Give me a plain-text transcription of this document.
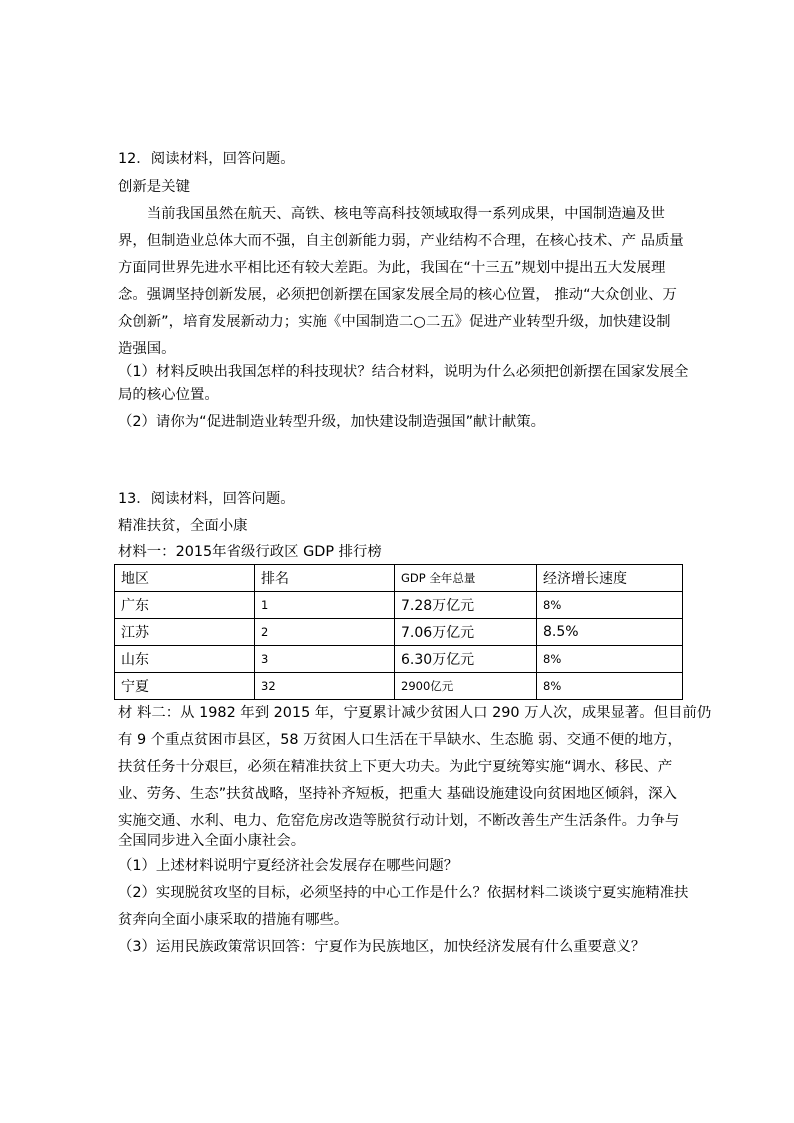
12．阅读材料，回答问题。
创新是关键
　　当前我国虽然在航天、高铁、核电等高科技领域取得一系列成果，中国制造遍及世
界，但制造业总体大而不强，自主创新能力弱，产业结构不合理，在核心技术、产 品质量
方面同世界先进水平相比还有较大差距。为此，我国在“十三五”规划中提出五大发展理
念。强调坚持创新发展，必须把创新摆在国家发展全局的核心位置， 推动“大众创业、万
众创新”，培育发展新动力；实施《中国制造二○二五》促进产业转型升级，加快建设制
造强国。
（1）材料反映出我国怎样的科技现状？结合材料，说明为什么必须把创新摆在国家发展全
局的核心位置。
（2）请你为“促进制造业转型升级，加快建设制造强国”献计献策。
13．阅读材料，回答问题。
精准扶贫，全面小康
材料一：2015年省级行政区 GDP 排行榜
地区	排名	GDP 全年总量	经济增长速度
广东	1	7.28万亿元	8%
江苏	2	7.06万亿元	8.5%
山东	3	6.30万亿元	8%
宁夏	32	2900亿元	8%
材 料二：从 1982 年到 2015 年，宁夏累计减少贫困人口 290 万人次，成果显著。但目前仍
有 9 个重点贫困市县区，58 万贫困人口生活在干旱缺水、生态脆 弱、交通不便的地方，
扶贫任务十分艰巨，必须在精准扶贫上下更大功夫。为此宁夏统筹实施“调水、移民、产
业、劳务、生态”扶贫战略，坚持补齐短板，把重大 基础设施建设向贫困地区倾斜，深入
实施交通、水利、电力、危窑危房改造等脱贫行动计划，不断改善生产生活条件。力争与
全国同步进入全面小康社会。
（1）上述材料说明宁夏经济社会发展存在哪些问题？
（2）实现脱贫攻坚的目标，必须坚持的中心工作是什么？依据材料二谈谈宁夏实施精准扶
贫奔向全面小康采取的措施有哪些。
（3）运用民族政策常识回答：宁夏作为民族地区，加快经济发展有什么重要意义？
